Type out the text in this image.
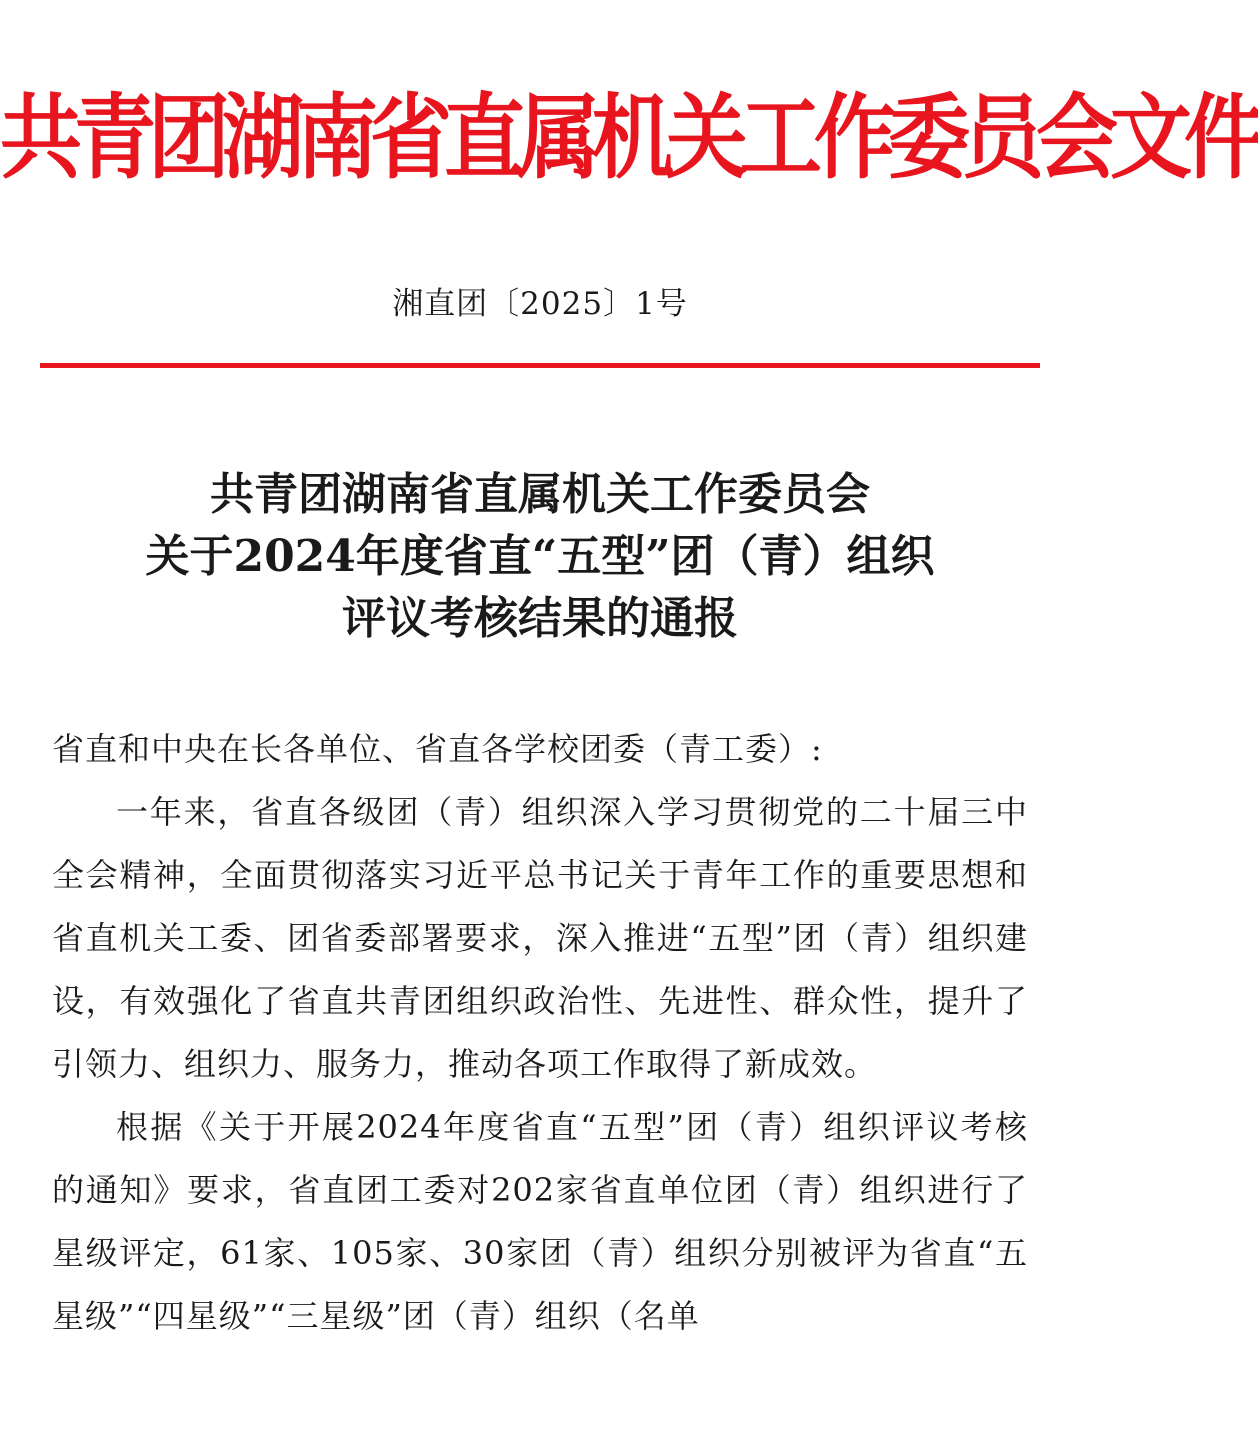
共青团湖南省直属机关工作委员会文件
湘直团〔2025〕1号
共青团湖南省直属机关工作委员会
关于2024年度省直“五型”团（青）组织
评议考核结果的通报

省直和中央在长各单位、省直各学校团委（青工委）:

一年来，省直各级团（青）组织深入学习贯彻党的二十届三中全会精神，全面贯彻落实习近平总书记关于青年工作的重要思想和省直机关工委、团省委部署要求，深入推进“五型”团（青）组织建设，有效强化了省直共青团组织政治性、先进性、群众性，提升了引领力、组织力、服务力，推动各项工作取得了新成效。

根据《关于开展2024年度省直“五型”团（青）组织评议考核的通知》要求，省直团工委对202家省直单位团（青）组织进行了星级评定，61家、105家、30家团（青）组织分别被评为省直“五星级”“四星级”“三星级”团（青）组织（名单
